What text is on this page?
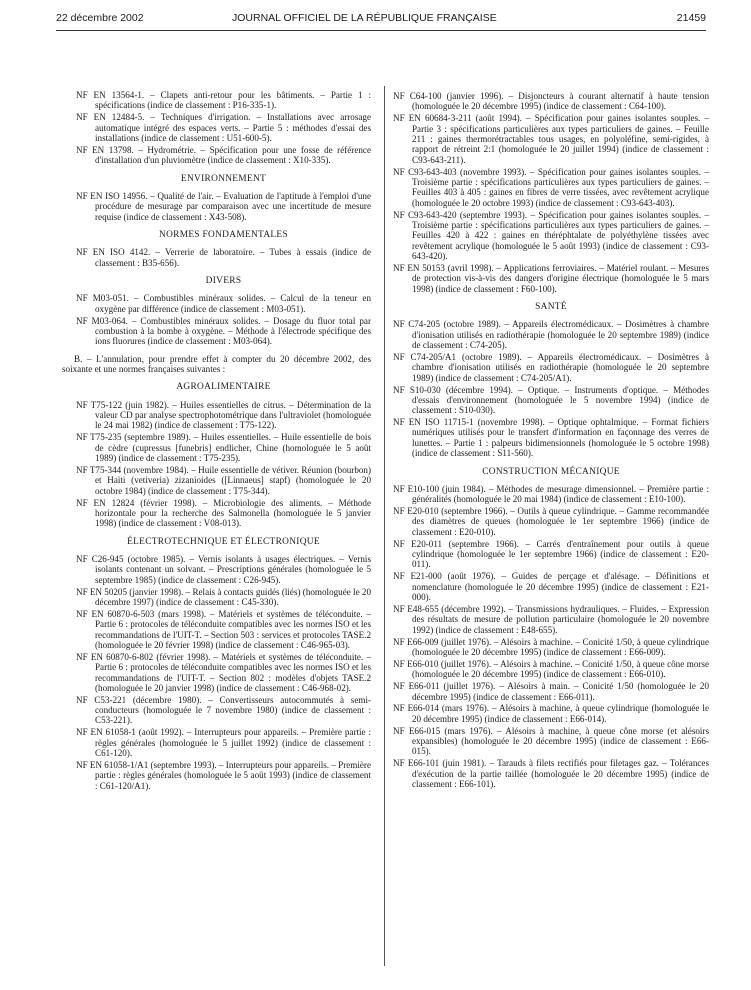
22 décembre 2002	JOURNAL OFFICIEL DE LA RÉPUBLIQUE FRANÇAISE	21459
NF EN 13564-1. – Clapets anti-retour pour les bâtiments. – Partie 1 : spécifications (indice de classement : P16-335-1).
NF EN 12484-5. – Techniques d'irrigation. – Installations avec arrosage automatique intégré des espaces verts. – Partie 5 : méthodes d'essai des installations (indice de classement : U51-600-5).
NF EN 13798. – Hydrométrie. – Spécification pour une fosse de référence d'installation d'un pluviomètre (indice de classement : X10-335).
ENVIRONNEMENT
NF EN ISO 14956. – Qualité de l'air. – Evaluation de l'aptitude à l'emploi d'une procédure de mesurage par comparaison avec une incertitude de mesure requise (indice de classement : X43-508).
NORMES FONDAMENTALES
NF EN ISO 4142. – Verrerie de laboratoire. – Tubes à essais (indice de classement : B35-656).
DIVERS
NF M03-051. – Combustibles minéraux solides. – Calcul de la teneur en oxygène par différence (indice de classement : M03-051).
NF M03-064. – Combustibles minéraux solides. – Dosage du fluor total par combustion à la bombe à oxygène. – Méthode à l'électrode spécifique des ions fluorures (indice de classement : M03-064).
B. – L'annulation, pour prendre effet à compter du 20 décembre 2002, des soixante et une normes françaises suivantes :
AGROALIMENTAIRE
NF T75-122 (juin 1982). – Huiles essentielles de citrus. – Détermination de la valeur CD par analyse spectrophotométrique dans l'ultraviolet (homologuée le 24 mai 1982) (indice de classement : T75-122).
NF T75-235 (septembre 1989). – Huiles essentielles. – Huile essentielle de bois de cèdre (cupressus [funebris] endlicher, Chine (homologuée le 5 août 1989) (indice de classement : T75-235).
NF T75-344 (novembre 1984). – Huile essentielle de vétiver. Réunion (bourbon) et Haïti (vetiveria) zizanioides ([Linnaeus] stapf) (homologuée le 20 octobre 1984) (indice de classement : T75-344).
NF EN 12824 (février 1998). – Microbiologie des aliments. – Méthode horizontale pour la recherche des Salmonella (homologuée le 5 janvier 1998) (indice de classement : V08-013).
ÉLECTROTECHNIQUE ET ÉLECTRONIQUE
NF C26-945 (octobre 1985). – Vernis isolants à usages électriques. – Vernis isolants contenant un solvant. – Prescriptions générales (homologuée le 5 septembre 1985) (indice de classement : C26-945).
NF EN 50205 (janvier 1998). – Relais à contacts guidés (liés) (homologuée le 20 décembre 1997) (indice de classement : C45-330).
NF EN 60870-6-503 (mars 1998). – Matériels et systèmes de téléconduite. – Partie 6 : protocoles de téléconduite compatibles avec les normes ISO et les recommandations de l'UIT-T. – Section 503 : services et protocoles TASE.2 (homologuée le 20 février 1998) (indice de classement : C46-965-03).
NF EN 60870-6-802 (février 1998). – Matériels et systèmes de téléconduite. – Partie 6 : protocoles de téléconduite compatibles avec les normes ISO et les recommandations de l'UIT-T. – Section 802 : modèles d'objets TASE.2 (homologuée le 20 janvier 1998) (indice de classement : C46-968-02).
NF C53-221 (décembre 1980). – Convertisseurs autocommutés à semi-conducteurs (homologuée le 7 novembre 1980) (indice de classement : C53-221).
NF EN 61058-1 (août 1992). – Interrupteurs pour appareils. – Première partie : règles générales (homologuée le 5 juillet 1992) (indice de classement : C61-120).
NF EN 61058-1/A1 (septembre 1993). – Interrupteurs pour appareils. – Première partie : règles générales (homologuée le 5 août 1993) (indice de classement : C61-120/A1).
NF C64-100 (janvier 1996). – Disjoncteurs à courant alternatif à haute tension (homologuée le 20 décembre 1995) (indice de classement : C64-100).
NF EN 60684-3-211 (août 1994). – Spécification pour gaines isolantes souples. – Partie 3 : spécifications particulières aux types particuliers de gaines. – Feuille 211 : gaines thermorétractables tous usages, en polyoléfine, semi-rigides, à rapport de rétreint 2:1 (homologuée le 20 juillet 1994) (indice de classement : C93-643-211).
NF C93-643-403 (novembre 1993). – Spécification pour gaines isolantes souples. – Troisième partie : spécifications particulières aux types particuliers de gaines. – Feuilles 403 à 405 : gaines en fibres de verre tissées, avec revêtement acrylique (homologuée le 20 octobre 1993) (indice de classement : C93-643-403).
NF C93-643-420 (septembre 1993). – Spécification pour gaines isolantes souples. – Troisième partie : spécifications particulières aux types particuliers de gaines. – Feuilles 420 à 422 : gaines en théréphtalate de polyéthylène tissées avec revêtement acrylique (homologuée le 5 août 1993) (indice de classement : C93-643-420).
NF EN 50153 (avril 1998). – Applications ferroviaires. – Matériel roulant. – Mesures de protection vis-à-vis des dangers d'origine électrique (homologuée le 5 mars 1998) (indice de classement : F60-100).
SANTÉ
NF C74-205 (octobre 1989). – Appareils électromédicaux. – Dosimètres à chambre d'ionisation utilisés en radiothérapie (homologuée le 20 septembre 1989) (indice de classement : C74-205).
NF C74-205/A1 (octobre 1989). – Appareils électromédicaux. – Dosimètres à chambre d'ionisation utilisés en radiothérapie (homologuée le 20 septembre 1989) (indice de classement : C74-205/A1).
NF S10-030 (décembre 1994). – Optique. – Instruments d'optique. – Méthodes d'essais d'environnement (homologuée le 5 novembre 1994) (indice de classement : S10-030).
NF EN ISO 11715-1 (novembre 1998). – Optique ophtalmique. – Format fichiers numériques utilisés pour le transfert d'information en façonnage des verres de lunettes. – Partie 1 : palpeurs bidimensionnels (homologuée le 5 octobre 1998) (indice de classement : S11-560).
CONSTRUCTION MÉCANIQUE
NF E10-100 (juin 1984). – Méthodes de mesurage dimensionnel. – Première partie : généralités (homologuée le 20 mai 1984) (indice de classement : E10-100).
NF E20-010 (septembre 1966). – Outils à queue cylindrique. – Gamme recommandée des diamètres de queues (homologuée le 1er septembre 1966) (indice de classement : E20-010).
NF E20-011 (septembre 1966). – Carrés d'entraînement pour outils à queue cylindrique (homologuée le 1er septembre 1966) (indice de classement : E20-011).
NF E21-000 (août 1976). – Guides de perçage et d'alésage. – Définitions et nomenclature (homologuée le 20 décembre 1995) (indice de classement : E21-000).
NF E48-655 (décembre 1992). – Transmissions hydrauliques. – Fluides. – Expression des résultats de mesure de pollution particulaire (homologuée le 20 novembre 1992) (indice de classement : E48-655).
NF E66-009 (juillet 1976). – Alésoirs à machine. – Conicité 1/50, à queue cylindrique (homologuée le 20 décembre 1995) (indice de classement : E66-009).
NF E66-010 (juillet 1976). – Alésoirs à machine. – Conicité 1/50, à queue cône morse (homologuée le 20 décembre 1995) (indice de classement : E66-010).
NF E66-011 (juillet 1976). – Alésoirs à main. – Conicité 1/50 (homologuée le 20 décembre 1995) (indice de classement : E66-011).
NF E66-014 (mars 1976). – Alésoirs à machine, à queue cylindrique (homologuée le 20 décembre 1995) (indice de classement : E66-014).
NF E66-015 (mars 1976). – Alésoirs à machine, à queue cône morse (et alésoirs expansibles) (homologuée le 20 décembre 1995) (indice de classement : E66-015).
NF E66-101 (juin 1981). – Tarauds à filets rectifiés pour filetages gaz. – Tolérances d'exécution de la partie taillée (homologuée le 20 décembre 1995) (indice de classement : E66-101).
